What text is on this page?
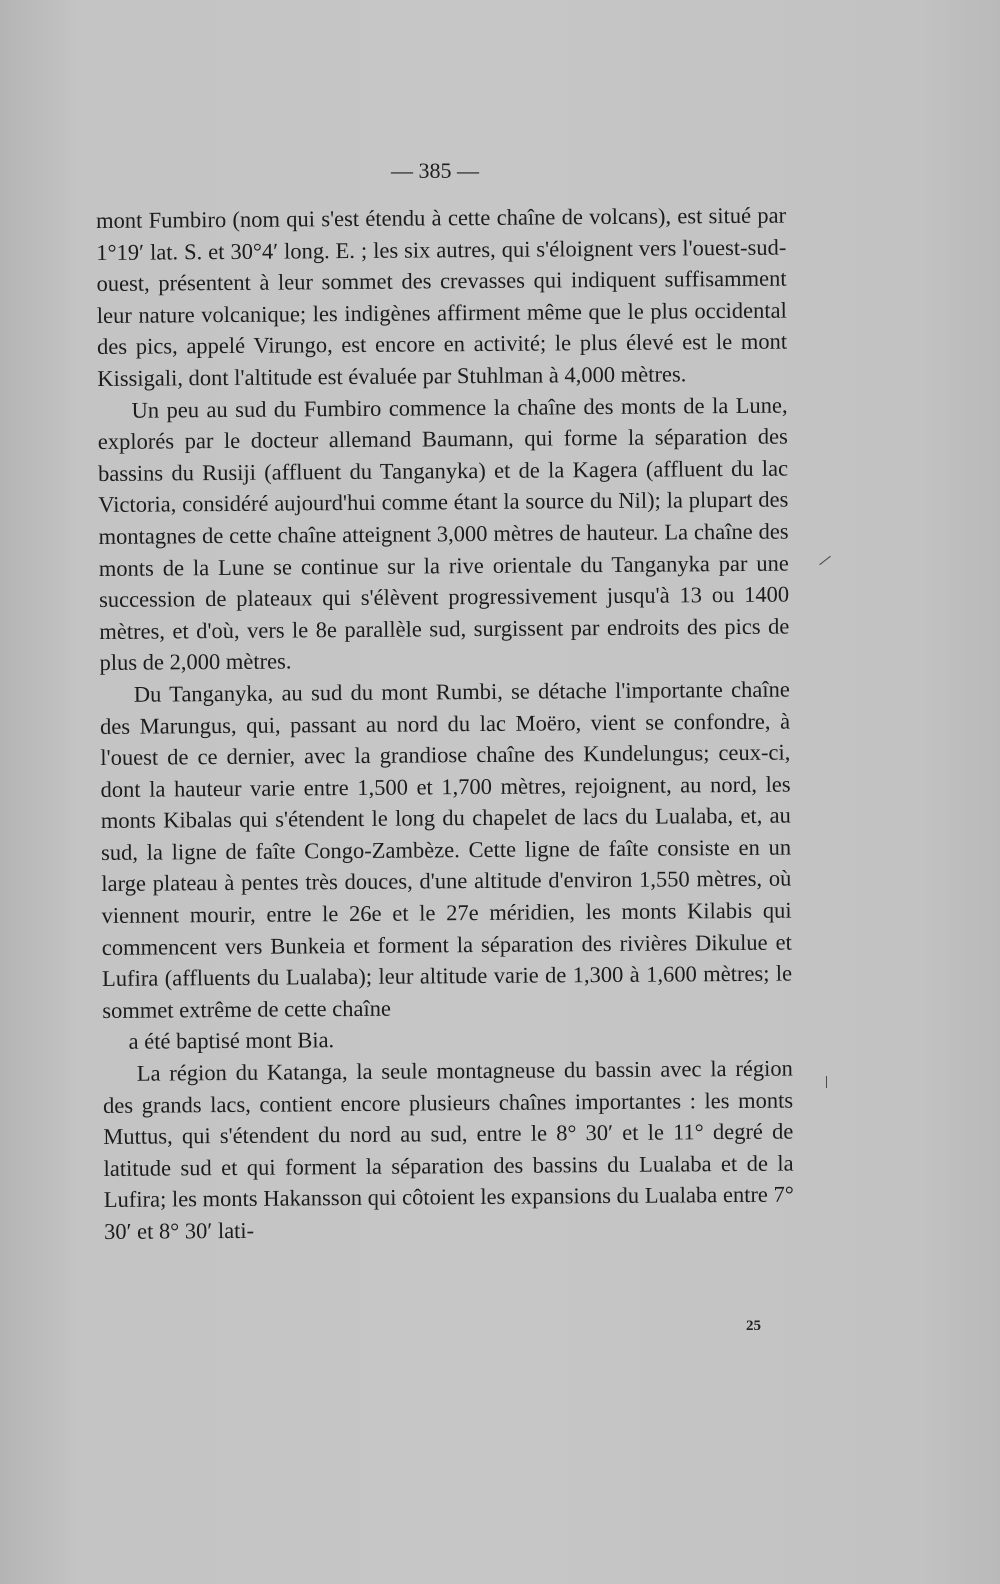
— 385 —

mont Fumbiro (nom qui s'est étendu à cette chaîne de volcans), est situé par 1°19′ lat. S. et 30°4′ long. E. ; les six autres, qui s'éloignent vers l'ouest-sud-ouest, présentent à leur sommet des crevasses qui indiquent suffisamment leur nature volcanique; les indigènes affirment même que le plus occidental des pics, appelé Virungo, est encore en activité; le plus élevé est le mont Kissigali, dont l'altitude est évaluée par Stuhlman à 4,000 mètres.

Un peu au sud du Fumbiro commence la chaîne des monts de la Lune, explorés par le docteur allemand Baumann, qui forme la séparation des bassins du Rusiji (affluent du Tanganyka) et de la Kagera (affluent du lac Victoria, considéré aujourd'hui comme étant la source du Nil); la plupart des montagnes de cette chaîne atteignent 3,000 mètres de hauteur. La chaîne des monts de la Lune se continue sur la rive orientale du Tanganyka par une succession de plateaux qui s'élèvent progressivement jusqu'à 13 ou 1400 mètres, et d'où, vers le 8e parallèle sud, surgissent par endroits des pics de plus de 2,000 mètres.

Du Tanganyka, au sud du mont Rumbi, se détache l'importante chaîne des Marungus, qui, passant au nord du lac Moëro, vient se confondre, à l'ouest de ce dernier, avec la grandiose chaîne des Kundelungus; ceux-ci, dont la hauteur varie entre 1,500 et 1,700 mètres, rejoignent, au nord, les monts Kibalas qui s'étendent le long du chapelet de lacs du Lualaba, et, au sud, la ligne de faîte Congo-Zambèze. Cette ligne de faîte consiste en un large plateau à pentes très douces, d'une altitude d'environ 1,550 mètres, où viennent mourir, entre le 26e et le 27e méridien, les monts Kilabis qui commencent vers Bunkeia et forment la séparation des rivières Dikulue et Lufira (affluents du Lualaba); leur altitude varie de 1,300 à 1,600 mètres; le sommet extrême de cette chaîne

a été baptisé mont Bia.

La région du Katanga, la seule montagneuse du bassin avec la région des grands lacs, contient encore plusieurs chaînes importantes : les monts Muttus, qui s'étendent du nord au sud, entre le 8° 30′ et le 11° degré de latitude sud et qui forment la séparation des bassins du Lualaba et de la Lufira; les monts Hakansson qui côtoient les expansions du Lualaba entre 7° 30′ et 8° 30′ lati-

25
